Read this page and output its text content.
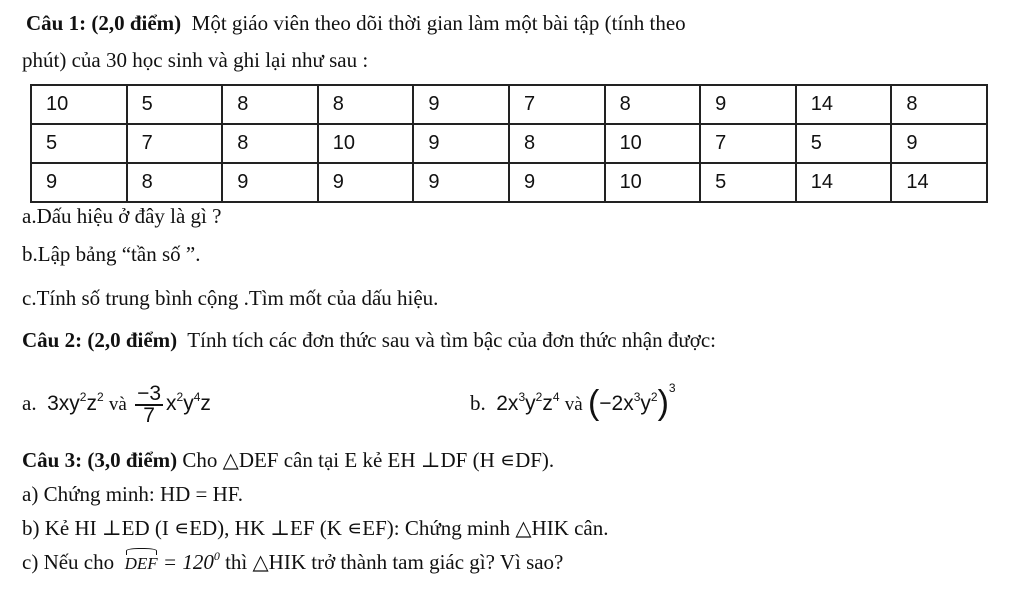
Câu 1: (2,0 điểm) Một giáo viên theo dõi thời gian làm một bài tập (tính theo
phút) của 30 học sinh và ghi lại như sau :
10	5	8	8	9	7	8	9	14	8
5	7	8	10	9	8	10	7	5	9
9	8	9	9	9	9	10	5	14	14
a.Dấu hiệu ở đây là gì ?
b.Lập bảng “tần số ”.
c.Tính số trung bình cộng .Tìm mốt của dấu hiệu.
Câu 2: (2,0 điểm) Tính tích các đơn thức sau và tìm bậc của đơn thức nhận được:
a. $3xy^2z^2$ và $\frac{-3}{7} x^2y^4z$	b. $2x^3y^2z^4$ và $(-2x^3y^2)^3$
Câu 3: (3,0 điểm) Cho △DEF cân tại E kẻ EH ⊥DF (H ∊DF).
a) Chứng minh: HD = HF.
b) Kẻ HI ⊥ED (I ∊ED), HK ⊥EF (K ∊EF): Chứng minh △HIK cân.
c) Nếu cho DEF = $120^0$ thì △HIK trở thành tam giác gì? Vì sao?
